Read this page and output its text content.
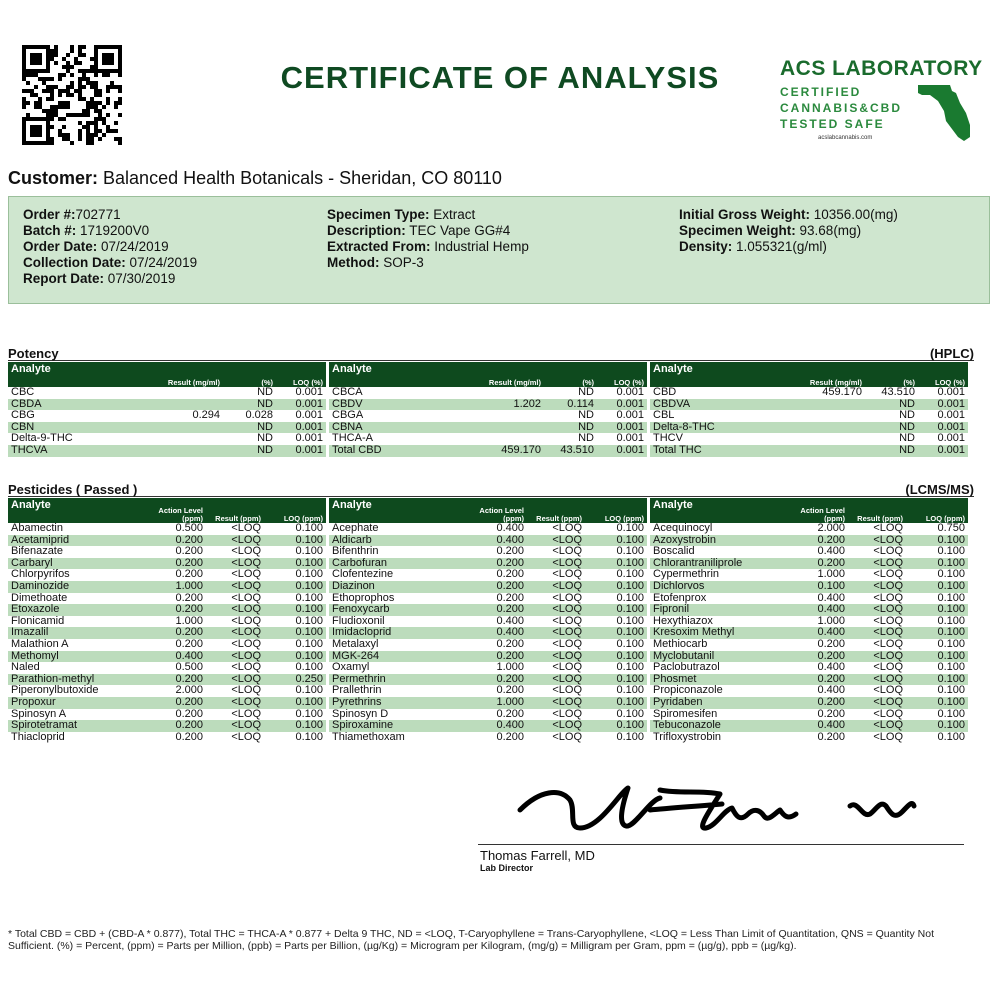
CERTIFICATE OF ANALYSIS	ACS LABORATORY
CERTIFIED
CANNABIS&CBD
TESTED SAFE
acslabcannabis.com
Customer: Balanced Health Botanicals - Sheridan, CO 80110
Order #:702771
Batch #: 1719200V0
Order Date: 07/24/2019
Collection Date: 07/24/2019
Report Date: 07/30/2019
Specimen Type: Extract
Description: TEC Vape GG#4
Extracted From: Industrial Hemp
Method: SOP-3
Initial Gross Weight: 10356.00(mg)
Specimen Weight: 93.68(mg)
Density: 1.055321(g/ml)
Potency	(HPLC)
Analyte	Result (mg/ml)	(%)	LOQ (%)
CBC		ND	0.001
CBDA		ND	0.001
CBG	0.294	0.028	0.001
CBN		ND	0.001
Delta-9-THC		ND	0.001
THCVA		ND	0.001
Analyte	Result (mg/ml)	(%)	LOQ (%)
CBCA		ND	0.001
CBDV	1.202	0.114	0.001
CBGA		ND	0.001
CBNA		ND	0.001
THCA-A		ND	0.001
Total CBD	459.170	43.510	0.001
Analyte	Result (mg/ml)	(%)	LOQ (%)
CBD	459.170	43.510	0.001
CBDVA		ND	0.001
CBL		ND	0.001
Delta-8-THC		ND	0.001
THCV		ND	0.001
Total THC		ND	0.001
Pesticides ( Passed )	(LCMS/MS)
Analyte	Action Level (ppm)	Result (ppm)	LOQ (ppm)
Abamectin	0.500	<LOQ	0.100
Acetamiprid	0.200	<LOQ	0.100
Bifenazate	0.200	<LOQ	0.100
Carbaryl	0.200	<LOQ	0.100
Chlorpyrifos	0.200	<LOQ	0.100
Daminozide	1.000	<LOQ	0.100
Dimethoate	0.200	<LOQ	0.100
Etoxazole	0.200	<LOQ	0.100
Flonicamid	1.000	<LOQ	0.100
Imazalil	0.200	<LOQ	0.100
Malathion A	0.200	<LOQ	0.100
Methomyl	0.400	<LOQ	0.100
Naled	0.500	<LOQ	0.100
Parathion-methyl	0.200	<LOQ	0.250
Piperonylbutoxide	2.000	<LOQ	0.100
Propoxur	0.200	<LOQ	0.100
Spinosyn A	0.200	<LOQ	0.100
Spirotetramat	0.200	<LOQ	0.100
Thiacloprid	0.200	<LOQ	0.100
Analyte	Action Level (ppm)	Result (ppm)	LOQ (ppm)
Acephate	0.400	<LOQ	0.100
Aldicarb	0.400	<LOQ	0.100
Bifenthrin	0.200	<LOQ	0.100
Carbofuran	0.200	<LOQ	0.100
Clofentezine	0.200	<LOQ	0.100
Diazinon	0.200	<LOQ	0.100
Ethoprophos	0.200	<LOQ	0.100
Fenoxycarb	0.200	<LOQ	0.100
Fludioxonil	0.400	<LOQ	0.100
Imidacloprid	0.400	<LOQ	0.100
Metalaxyl	0.200	<LOQ	0.100
MGK-264	0.200	<LOQ	0.100
Oxamyl	1.000	<LOQ	0.100
Permethrin	0.200	<LOQ	0.100
Prallethrin	0.200	<LOQ	0.100
Pyrethrins	1.000	<LOQ	0.100
Spinosyn D	0.200	<LOQ	0.100
Spiroxamine	0.400	<LOQ	0.100
Thiamethoxam	0.200	<LOQ	0.100
Analyte	Action Level (ppm)	Result (ppm)	LOQ (ppm)
Acequinocyl	2.000	<LOQ	0.750
Azoxystrobin	0.200	<LOQ	0.100
Boscalid	0.400	<LOQ	0.100
Chlorantraniliprole	0.200	<LOQ	0.100
Cypermethrin	1.000	<LOQ	0.100
Dichlorvos	0.100	<LOQ	0.100
Etofenprox	0.400	<LOQ	0.100
Fipronil	0.400	<LOQ	0.100
Hexythiazox	1.000	<LOQ	0.100
Kresoxim Methyl	0.400	<LOQ	0.100
Methiocarb	0.200	<LOQ	0.100
Myclobutanil	0.200	<LOQ	0.100
Paclobutrazol	0.400	<LOQ	0.100
Phosmet	0.200	<LOQ	0.100
Propiconazole	0.400	<LOQ	0.100
Pyridaben	0.200	<LOQ	0.100
Spiromesifen	0.200	<LOQ	0.100
Tebuconazole	0.400	<LOQ	0.100
Trifloxystrobin	0.200	<LOQ	0.100
Thomas Farrell, MD
Lab Director
* Total CBD = CBD + (CBD-A * 0.877), Total THC = THCA-A * 0.877 + Delta 9 THC, ND = <LOQ, T-Caryophyllene = Trans-Caryophyllene, <LOQ = Less Than Limit of Quantitation, QNS = Quantity Not Sufficient. (%) = Percent, (ppm) = Parts per Million, (ppb) = Parts per Billion, (µg/Kg) = Microgram per Kilogram, (mg/g) = Milligram per Gram, ppm = (µg/g), ppb = (µg/kg).
